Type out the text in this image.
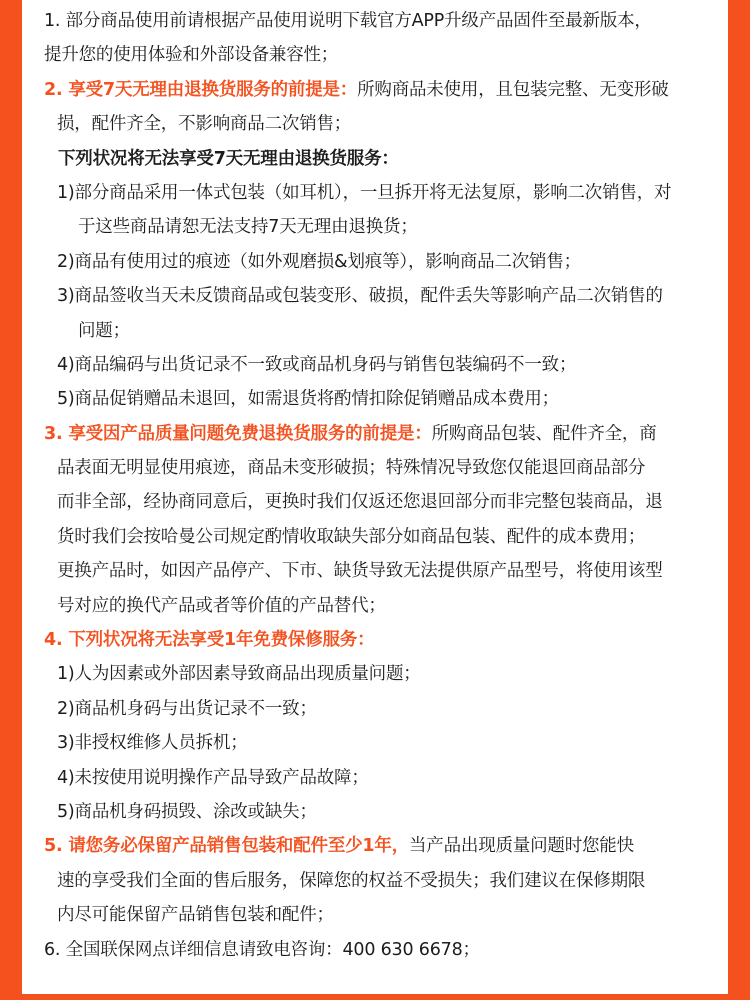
1. 部分商品使用前请根据产品使用说明下载官方APP升级产品固件至最新版本，
提升您的使用体验和外部设备兼容性；
2. 享受7天无理由退换货服务的前提是：所购商品未使用，且包装完整、无变形破
损，配件齐全，不影响商品二次销售；
下列状况将无法享受7天无理由退换货服务：
1)部分商品采用一体式包装（如耳机），一旦拆开将无法复原，影响二次销售，对
于这些商品请恕无法支持7天无理由退换货；
2)商品有使用过的痕迹（如外观磨损&划痕等），影响商品二次销售；
3)商品签收当天未反馈商品或包装变形、破损，配件丢失等影响产品二次销售的
问题；
4)商品编码与出货记录不一致或商品机身码与销售包装编码不一致；
5)商品促销赠品未退回，如需退货将酌情扣除促销赠品成本费用；
3. 享受因产品质量问题免费退换货服务的前提是：所购商品包装、配件齐全，商
品表面无明显使用痕迹，商品未变形破损；特殊情况导致您仅能退回商品部分
而非全部，经协商同意后，更换时我们仅返还您退回部分而非完整包装商品，退
货时我们会按哈曼公司规定酌情收取缺失部分如商品包装、配件的成本费用；
更换产品时，如因产品停产、下市、缺货导致无法提供原产品型号，将使用该型
号对应的换代产品或者等价值的产品替代；
4. 下列状况将无法享受1年免费保修服务：
1)人为因素或外部因素导致商品出现质量问题；
2)商品机身码与出货记录不一致；
3)非授权维修人员拆机；
4)未按使用说明操作产品导致产品故障；
5)商品机身码损毁、涂改或缺失；
5. 请您务必保留产品销售包装和配件至少1年，当产品出现质量问题时您能快
速的享受我们全面的售后服务，保障您的权益不受损失；我们建议在保修期限
内尽可能保留产品销售包装和配件；
6. 全国联保网点详细信息请致电咨询：400 630 6678；
